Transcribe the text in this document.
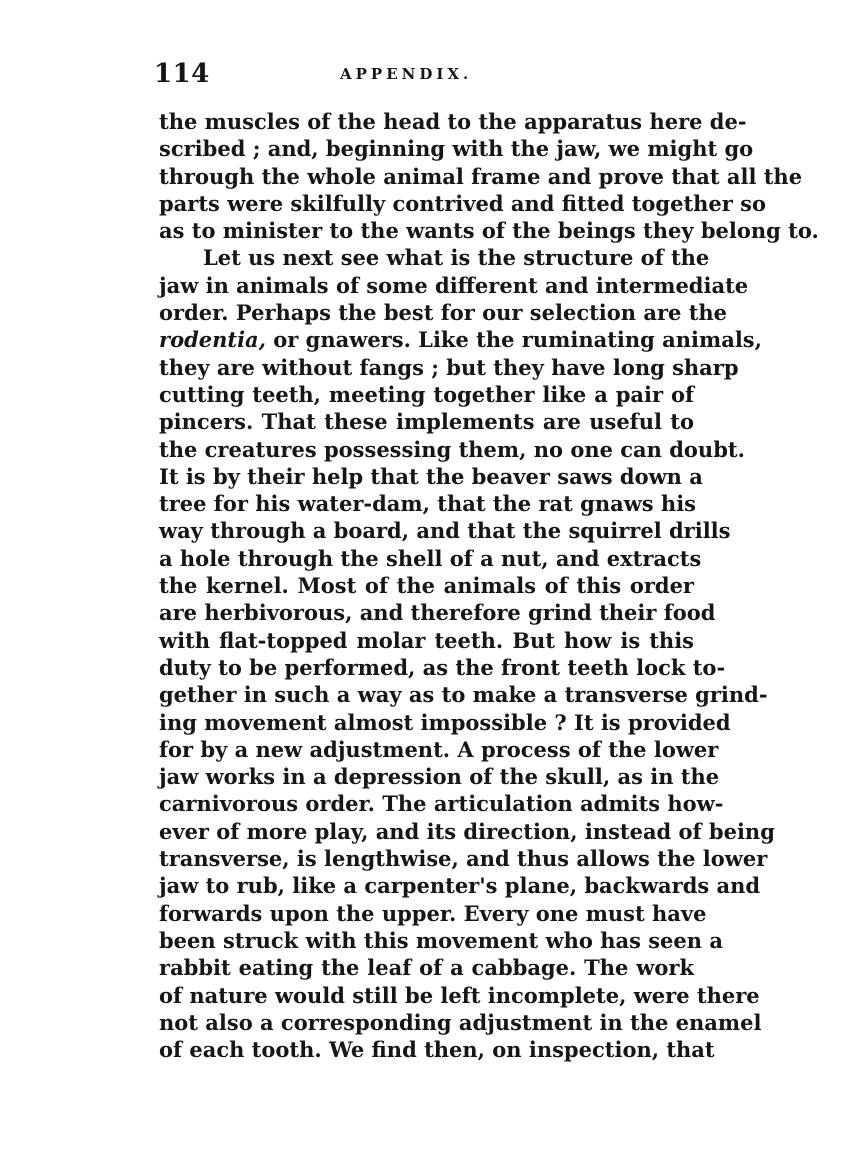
114	APPENDIX.
the muscles of the head to the apparatus here de-
scribed ; and, beginning with the jaw, we might go
through the whole animal frame and prove that all the
parts were skilfully contrived and fitted together so
as to minister to the wants of the beings they belong to.
Let us next see what is the structure of the
jaw in animals of some different and intermediate
order. Perhaps the best for our selection are the
rodentia, or gnawers. Like the ruminating animals,
they are without fangs ; but they have long sharp
cutting teeth, meeting together like a pair of
pincers. That these implements are useful to
the creatures possessing them, no one can doubt.
It is by their help that the beaver saws down a
tree for his water-dam, that the rat gnaws his
way through a board, and that the squirrel drills
a hole through the shell of a nut, and extracts
the kernel. Most of the animals of this order
are herbivorous, and therefore grind their food
with flat-topped molar teeth. But how is this
duty to be performed, as the front teeth lock to-
gether in such a way as to make a transverse grind-
ing movement almost impossible ? It is provided
for by a new adjustment. A process of the lower
jaw works in a depression of the skull, as in the
carnivorous order. The articulation admits how-
ever of more play, and its direction, instead of being
transverse, is lengthwise, and thus allows the lower
jaw to rub, like a carpenter's plane, backwards and
forwards upon the upper. Every one must have
been struck with this movement who has seen a
rabbit eating the leaf of a cabbage. The work
of nature would still be left incomplete, were there
not also a corresponding adjustment in the enamel
of each tooth. We find then, on inspection, that
